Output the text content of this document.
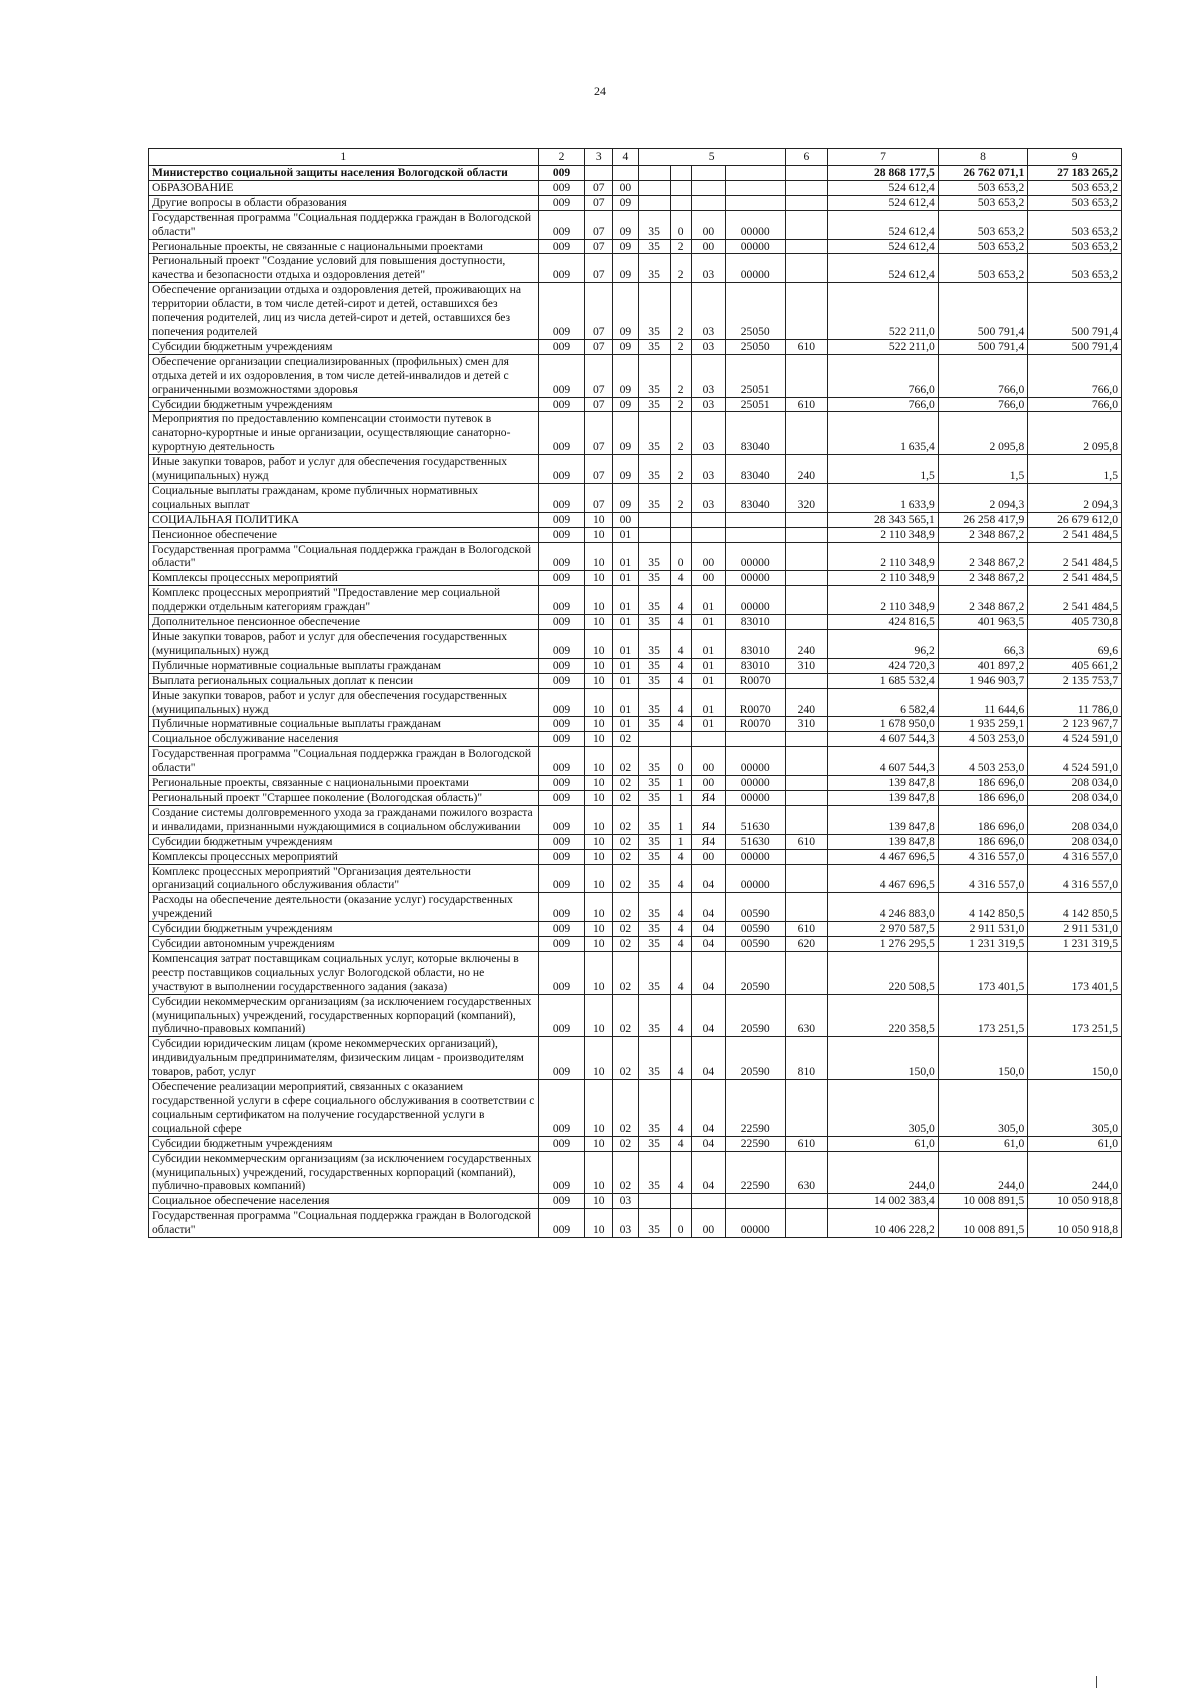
24
1	2	3	4	5				6	7	8	9
Министерство социальной защиты населения Вологодской области	009								28 868 177,5	26 762 071,1	27 183 265,2
ОБРАЗОВАНИЕ	009	07	00						524 612,4	503 653,2	503 653,2
Другие вопросы в области образования	009	07	09						524 612,4	503 653,2	503 653,2
Государственная программа "Социальная поддержка граждан в Вологодской области"	009	07	09	35	0	00	00000		524 612,4	503 653,2	503 653,2
Региональные проекты, не связанные с национальными проектами	009	07	09	35	2	00	00000		524 612,4	503 653,2	503 653,2
Региональный проект "Создание условий для повышения доступности, качества и безопасности отдыха и оздоровления детей"	009	07	09	35	2	03	00000		524 612,4	503 653,2	503 653,2
Обеспечение организации отдыха и оздоровления детей, проживающих на территории области, в том числе детей-сирот и детей, оставшихся без попечения родителей, лиц из числа детей-сирот и детей, оставшихся без попечения родителей	009	07	09	35	2	03	25050		522 211,0	500 791,4	500 791,4
Субсидии бюджетным учреждениям	009	07	09	35	2	03	25050	610	522 211,0	500 791,4	500 791,4
Обеспечение организации специализированных (профильных) смен для отдыха детей и их оздоровления, в том числе детей-инвалидов и детей с ограниченными возможностями здоровья	009	07	09	35	2	03	25051		766,0	766,0	766,0
Субсидии бюджетным учреждениям	009	07	09	35	2	03	25051	610	766,0	766,0	766,0
Мероприятия по предоставлению компенсации стоимости путевок в санаторно-курортные и иные организации, осуществляющие санаторно-курортную деятельность	009	07	09	35	2	03	83040		1 635,4	2 095,8	2 095,8
Иные закупки товаров, работ и услуг для обеспечения государственных (муниципальных) нужд	009	07	09	35	2	03	83040	240	1,5	1,5	1,5
Социальные выплаты гражданам, кроме публичных нормативных социальных выплат	009	07	09	35	2	03	83040	320	1 633,9	2 094,3	2 094,3
СОЦИАЛЬНАЯ ПОЛИТИКА	009	10	00						28 343 565,1	26 258 417,9	26 679 612,0
Пенсионное обеспечение	009	10	01						2 110 348,9	2 348 867,2	2 541 484,5
Государственная программа "Социальная поддержка граждан в Вологодской области"	009	10	01	35	0	00	00000		2 110 348,9	2 348 867,2	2 541 484,5
Комплексы процессных мероприятий	009	10	01	35	4	00	00000		2 110 348,9	2 348 867,2	2 541 484,5
Комплекс процессных мероприятий "Предоставление мер социальной поддержки отдельным категориям граждан"	009	10	01	35	4	01	00000		2 110 348,9	2 348 867,2	2 541 484,5
Дополнительное пенсионное обеспечение	009	10	01	35	4	01	83010		424 816,5	401 963,5	405 730,8
Иные закупки товаров, работ и услуг для обеспечения государственных (муниципальных) нужд	009	10	01	35	4	01	83010	240	96,2	66,3	69,6
Публичные нормативные социальные выплаты гражданам	009	10	01	35	4	01	83010	310	424 720,3	401 897,2	405 661,2
Выплата региональных социальных доплат к пенсии	009	10	01	35	4	01	R0070		1 685 532,4	1 946 903,7	2 135 753,7
Иные закупки товаров, работ и услуг для обеспечения государственных (муниципальных) нужд	009	10	01	35	4	01	R0070	240	6 582,4	11 644,6	11 786,0
Публичные нормативные социальные выплаты гражданам	009	10	01	35	4	01	R0070	310	1 678 950,0	1 935 259,1	2 123 967,7
Социальное обслуживание населения	009	10	02						4 607 544,3	4 503 253,0	4 524 591,0
Государственная программа "Социальная поддержка граждан в Вологодской области"	009	10	02	35	0	00	00000		4 607 544,3	4 503 253,0	4 524 591,0
Региональные проекты, связанные с национальными проектами	009	10	02	35	1	00	00000		139 847,8	186 696,0	208 034,0
Региональный проект "Старшее поколение (Вологодская область)"	009	10	02	35	1	Я4	00000		139 847,8	186 696,0	208 034,0
Создание системы долговременного ухода за гражданами пожилого возраста и инвалидами, признанными нуждающимися в социальном обслуживании	009	10	02	35	1	Я4	51630		139 847,8	186 696,0	208 034,0
Субсидии бюджетным учреждениям	009	10	02	35	1	Я4	51630	610	139 847,8	186 696,0	208 034,0
Комплексы процессных мероприятий	009	10	02	35	4	00	00000		4 467 696,5	4 316 557,0	4 316 557,0
Комплекс процессных мероприятий "Организация деятельности организаций социального обслуживания области"	009	10	02	35	4	04	00000		4 467 696,5	4 316 557,0	4 316 557,0
Расходы на обеспечение деятельности (оказание услуг) государственных учреждений	009	10	02	35	4	04	00590		4 246 883,0	4 142 850,5	4 142 850,5
Субсидии бюджетным учреждениям	009	10	02	35	4	04	00590	610	2 970 587,5	2 911 531,0	2 911 531,0
Субсидии автономным учреждениям	009	10	02	35	4	04	00590	620	1 276 295,5	1 231 319,5	1 231 319,5
Компенсация затрат поставщикам социальных услуг, которые включены в реестр поставщиков социальных услуг Вологодской области, но не участвуют в выполнении государственного задания (заказа)	009	10	02	35	4	04	20590		220 508,5	173 401,5	173 401,5
Субсидии некоммерческим организациям (за исключением государственных (муниципальных) учреждений, государственных корпораций (компаний), публично-правовых компаний)	009	10	02	35	4	04	20590	630	220 358,5	173 251,5	173 251,5
Субсидии юридическим лицам (кроме некоммерческих организаций), индивидуальным предпринимателям, физическим лицам - производителям товаров, работ, услуг	009	10	02	35	4	04	20590	810	150,0	150,0	150,0
Обеспечение реализации мероприятий, связанных с оказанием государственной услуги в сфере социального обслуживания в соответствии с социальным сертификатом на получение государственной услуги в социальной сфере	009	10	02	35	4	04	22590		305,0	305,0	305,0
Субсидии бюджетным учреждениям	009	10	02	35	4	04	22590	610	61,0	61,0	61,0
Субсидии некоммерческим организациям (за исключением государственных (муниципальных) учреждений, государственных корпораций (компаний), публично-правовых компаний)	009	10	02	35	4	04	22590	630	244,0	244,0	244,0
Социальное обеспечение населения	009	10	03						14 002 383,4	10 008 891,5	10 050 918,8
Государственная программа "Социальная поддержка граждан в Вологодской области"	009	10	03	35	0	00	00000		10 406 228,2	10 008 891,5	10 050 918,8
